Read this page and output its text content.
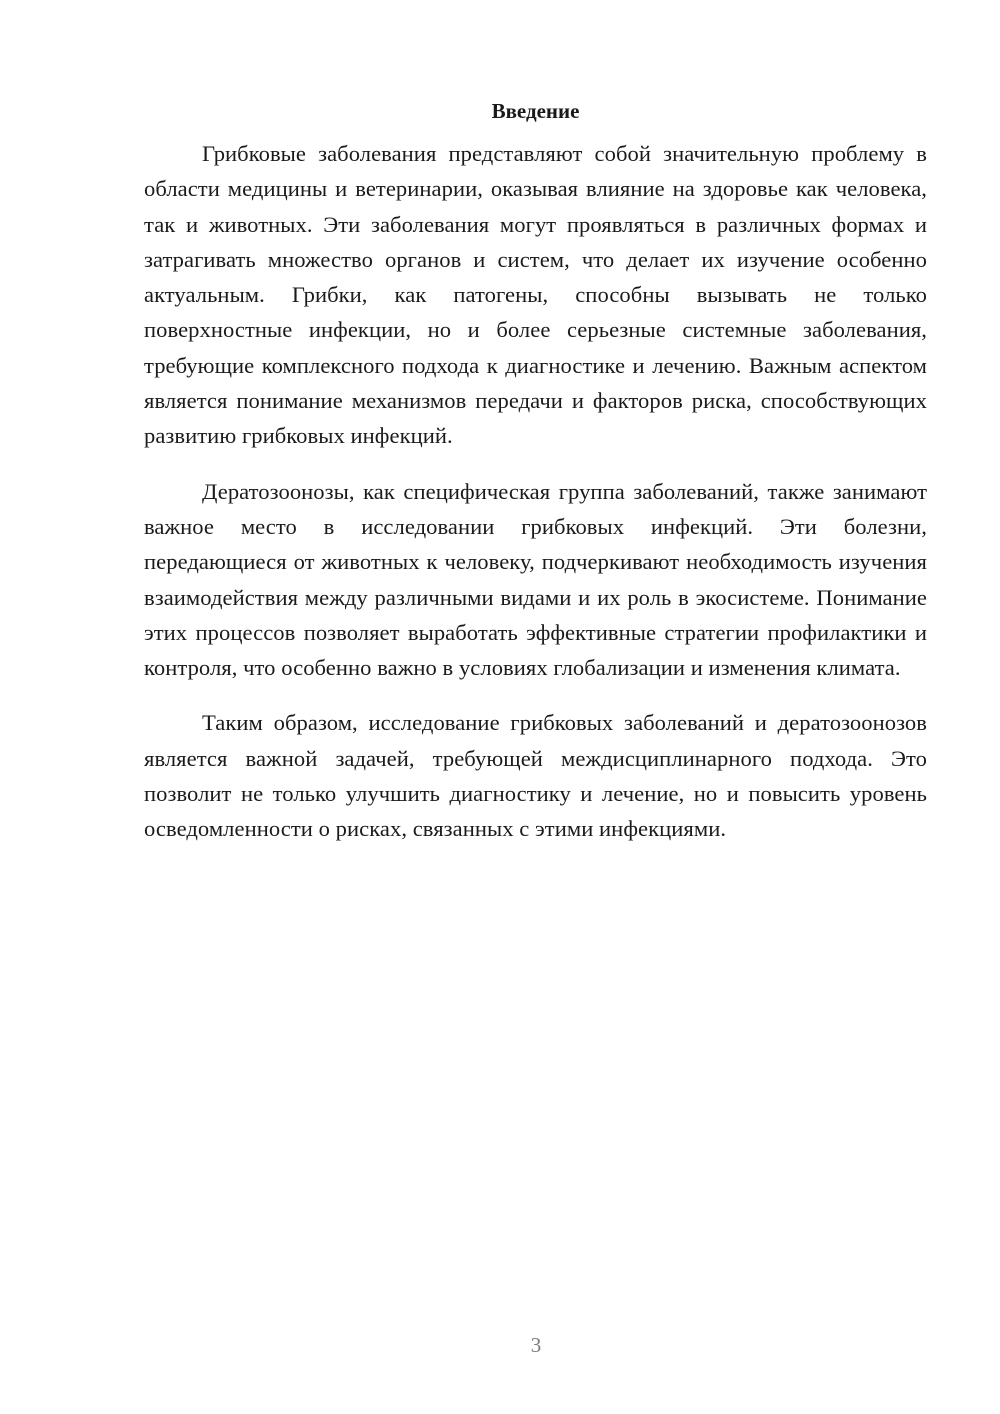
Введение

Грибковые заболевания представляют собой значительную проблему в области медицины и ветеринарии, оказывая влияние на здоровье как человека, так и животных. Эти заболевания могут проявляться в различных формах и затрагивать множество органов и систем, что делает их изучение особенно актуальным. Грибки, как патогены, способны вызывать не только поверхностные инфекции, но и более серьезные системные заболевания, требующие комплексного подхода к диагностике и лечению. Важным аспектом является понимание механизмов передачи и факторов риска, способствующих развитию грибковых инфекций.

Дератозоонозы, как специфическая группа заболеваний, также занимают важное место в исследовании грибковых инфекций. Эти болезни, передающиеся от животных к человеку, подчеркивают необходимость изучения взаимодействия между различными видами и их роль в экосистеме. Понимание этих процессов позволяет выработать эффективные стратегии профилактики и контроля, что особенно важно в условиях глобализации и изменения климата.

Таким образом, исследование грибковых заболеваний и дератозоонозов является важной задачей, требующей междисциплинарного подхода. Это позволит не только улучшить диагностику и лечение, но и повысить уровень осведомленности о рисках, связанных с этими инфекциями.

3
